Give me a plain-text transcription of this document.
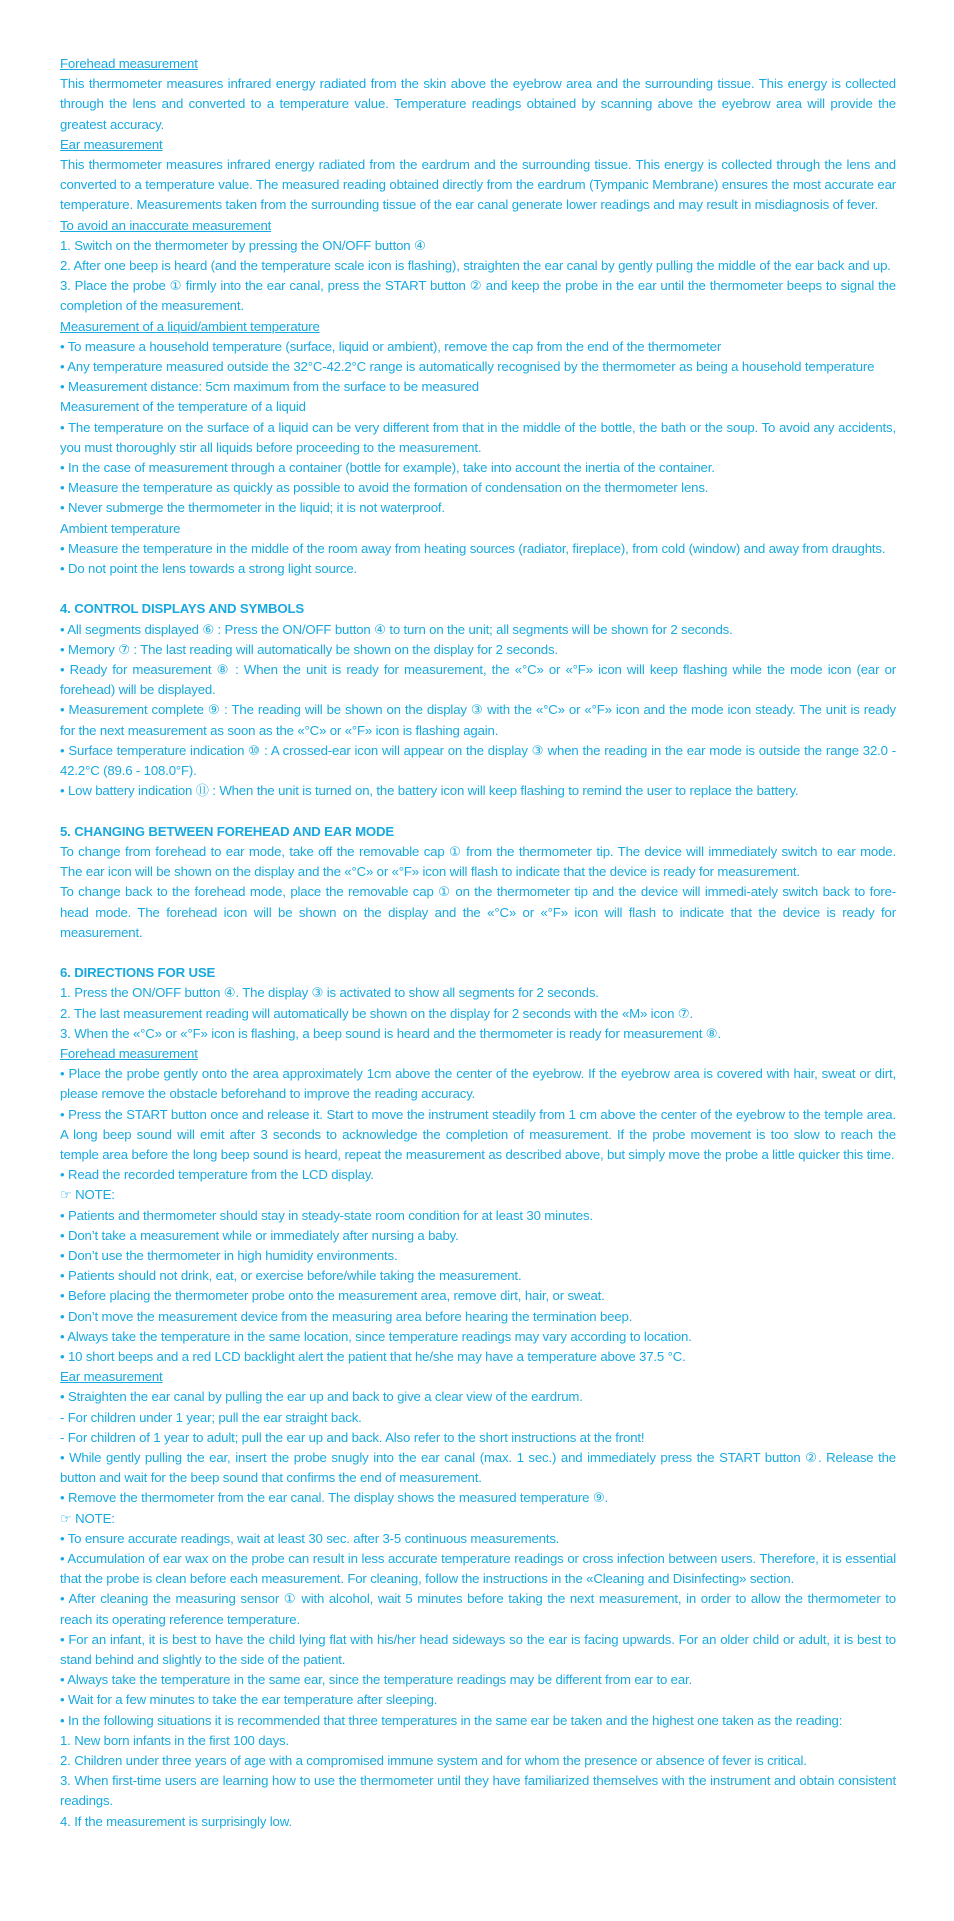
Forehead measurement

This thermometer measures infrared energy radiated from the skin above the eyebrow area and the surrounding tissue. This energy is collected through the lens and converted to a temperature value. Temperature readings obtained by scanning above the eyebrow area will provide the greatest accuracy.

Ear measurement

This thermometer measures infrared energy radiated from the eardrum and the surrounding tissue. This energy is collected through the lens and converted to a temperature value. The measured reading obtained directly from the eardrum (Tympanic Membrane) ensures the most accurate ear temperature. Measurements taken from the surrounding tissue of the ear canal generate lower readings and may result in misdiagnosis of fever.

To avoid an inaccurate measurement

1. Switch on the thermometer by pressing the ON/OFF button ④

2. After one beep is heard (and the temperature scale icon is flashing), straighten the ear canal by gently pulling the middle of the ear back and up.

3. Place the probe ① firmly into the ear canal, press the START button ② and keep the probe in the ear until the thermometer beeps to signal the completion of the measurement.

Measurement of a liquid/ambient temperature

• To measure a household temperature (surface, liquid or ambient), remove the cap from the end of the thermometer

• Any temperature measured outside the 32°C-42.2°C range is automatically recognised by the thermometer as being a household temperature

• Measurement distance: 5cm maximum from the surface to be measured

Measurement of the temperature of a liquid

• The temperature on the surface of a liquid can be very different from that in the middle of the bottle, the bath or the soup. To avoid any accidents, you must thoroughly stir all liquids before proceeding to the measurement.

• In the case of measurement through a container (bottle for example), take into account the inertia of the container.

• Measure the temperature as quickly as possible to avoid the formation of condensation on the thermometer lens.

• Never submerge the thermometer in the liquid; it is not waterproof.

Ambient temperature

• Measure the temperature in the middle of the room away from heating sources (radiator, fireplace), from cold (window) and away from draughts.

• Do not point the lens towards a strong light source.

4. CONTROL DISPLAYS AND SYMBOLS

• All segments displayed ⑥ : Press the ON/OFF button ④ to turn on the unit; all segments will be shown for 2 seconds.

• Memory ⑦ : The last reading will automatically be shown on the display for 2 seconds.

• Ready for measurement ⑧ : When the unit is ready for measurement, the «°C» or «°F» icon will keep flashing while the mode icon (ear or forehead) will be displayed.

• Measurement complete ⑨ : The reading will be shown on the display ③ with the «°C» or «°F» icon and the mode icon steady. The unit is ready for the next measurement as soon as the «°C» or «°F» icon is flashing again.

• Surface temperature indication ⑩ : A crossed-ear icon will appear on the display ③ when the reading in the ear mode is outside the range 32.0 - 42.2°C (89.6 - 108.0°F).

• Low battery indication ⑪ : When the unit is turned on, the battery icon will keep flashing to remind the user to replace the battery.

5. CHANGING BETWEEN FOREHEAD AND EAR MODE

To change from forehead to ear mode, take off the removable cap ① from the thermometer tip. The device will immediately switch to ear mode. The ear icon will be shown on the display and the «°C» or «°F» icon will flash to indicate that the device is ready for measurement.

To change back to the forehead mode, place the removable cap ① on the thermometer tip and the device will immedi-ately switch back to fore-head mode. The forehead icon will be shown on the display and the «°C» or «°F» icon will flash to indicate that the device is ready for measurement.

6. DIRECTIONS FOR USE

1. Press the ON/OFF button ④. The display ③ is activated to show all segments for 2 seconds.

2. The last measurement reading will automatically be shown on the display for 2 seconds with the «M» icon ⑦.

3. When the «°C» or «°F» icon is flashing, a beep sound is heard and the thermometer is ready for measurement ⑧.

Forehead measurement

• Place the probe gently onto the area approximately 1cm above the center of the eyebrow. If the eyebrow area is covered with hair, sweat or dirt, please remove the obstacle beforehand to improve the reading accuracy.

• Press the START button once and release it. Start to move the instrument steadily from 1 cm above the center of the eyebrow to the temple area. A long beep sound will emit after 3 seconds to acknowledge the completion of measurement. If the probe movement is too slow to reach the temple area before the long beep sound is heard, repeat the measurement as described above, but simply move the probe a little quicker this time.

• Read the recorded temperature from the LCD display.

☞ NOTE:

• Patients and thermometer should stay in steady-state room condition for at least 30 minutes.

• Don’t take a measurement while or immediately after nursing a baby.

• Don’t use the thermometer in high humidity environments.

• Patients should not drink, eat, or exercise before/while taking the measurement.

• Before placing the thermometer probe onto the measurement area, remove dirt, hair, or sweat.

• Don’t move the measurement device from the measuring area before hearing the termination beep.

• Always take the temperature in the same location, since temperature readings may vary according to location.

• 10 short beeps and a red LCD backlight alert the patient that he/she may have a temperature above 37.5 °C.

Ear measurement

• Straighten the ear canal by pulling the ear up and back to give a clear view of the eardrum.

- For children under 1 year; pull the ear straight back.

- For children of 1 year to adult; pull the ear up and back. Also refer to the short instructions at the front!

• While gently pulling the ear, insert the probe snugly into the ear canal (max. 1 sec.) and immediately press the START button ②. Release the button and wait for the beep sound that confirms the end of measurement.

• Remove the thermometer from the ear canal. The display shows the measured temperature ⑨.

☞ NOTE:

• To ensure accurate readings, wait at least 30 sec. after 3-5 continuous measurements.

• Accumulation of ear wax on the probe can result in less accurate temperature readings or cross infection between users. Therefore, it is essential that the probe is clean before each measurement. For cleaning, follow the instructions in the «Cleaning and Disinfecting» section.

• After cleaning the measuring sensor ① with alcohol, wait 5 minutes before taking the next measurement, in order to allow the thermometer to reach its operating reference temperature.

• For an infant, it is best to have the child lying flat with his/her head sideways so the ear is facing upwards. For an older child or adult, it is best to stand behind and slightly to the side of the patient.

• Always take the temperature in the same ear, since the temperature readings may be different from ear to ear.

• Wait for a few minutes to take the ear temperature after sleeping.

• In the following situations it is recommended that three temperatures in the same ear be taken and the highest one taken as the reading:

1. New born infants in the first 100 days.

2. Children under three years of age with a compromised immune system and for whom the presence or absence of fever is critical.

3. When first-time users are learning how to use the thermometer until they have familiarized themselves with the instrument and obtain consistent readings.

4. If the measurement is surprisingly low.
